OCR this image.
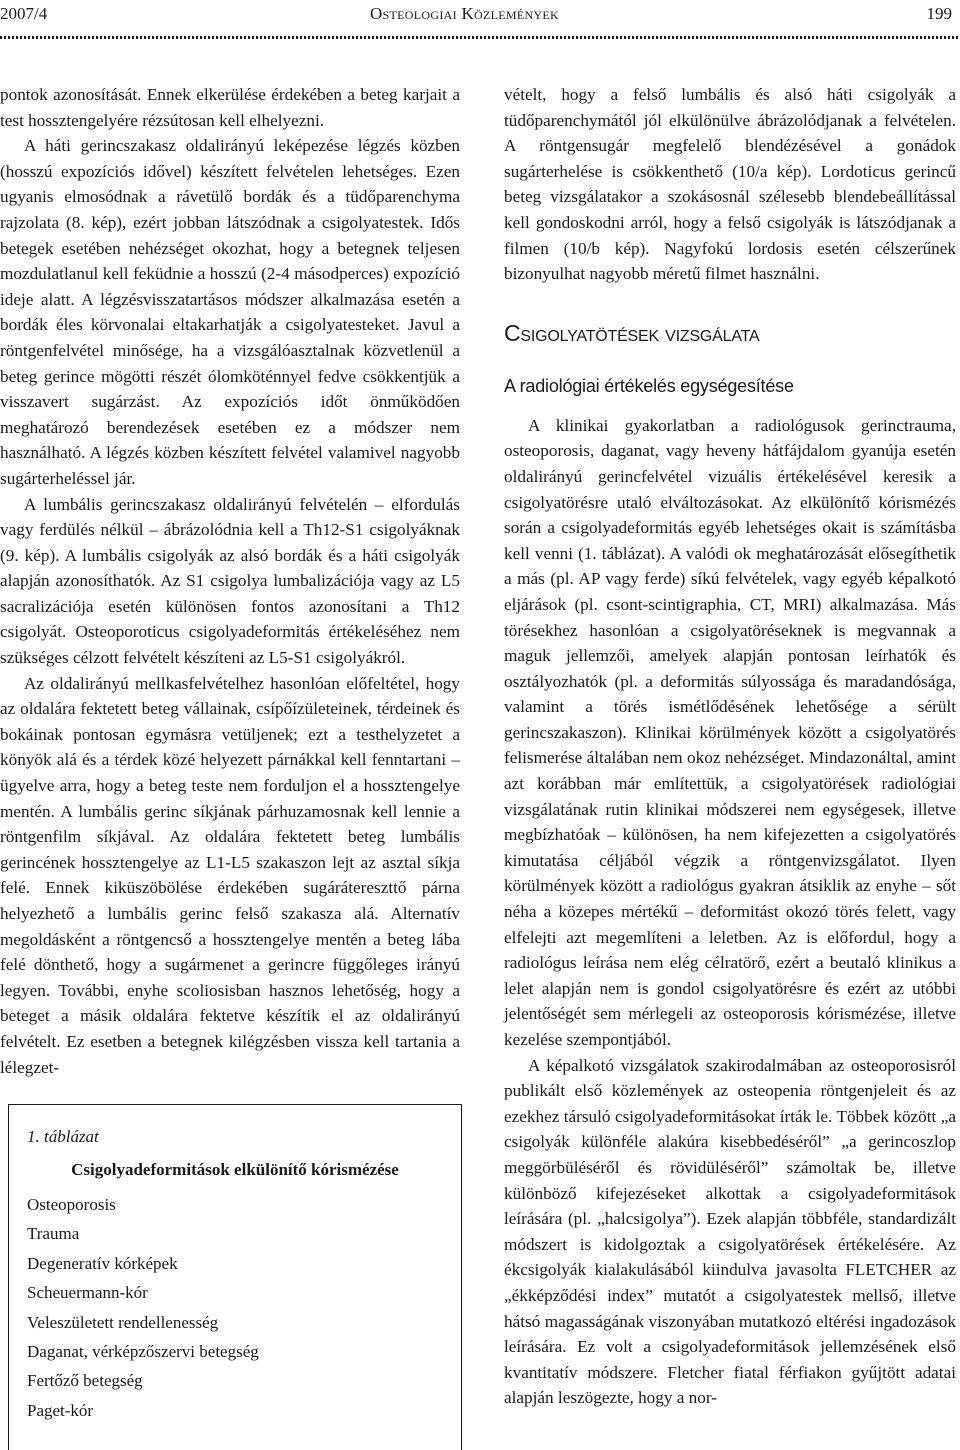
2007/4	Osteologiai Közlemények	199

pontok azonosítását. Ennek elkerülése érdekében a beteg karjait a test hossztengelyére rézsútosan kell elhelyezni.

A háti gerincszakasz oldalirányú leképezése légzés közben (hosszú expozíciós idővel) készített felvételen lehetséges. Ezen ugyanis elmosódnak a rávetülő bordák és a tüdőparenchyma rajzolata (8. kép), ezért jobban látszódnak a csigolyatestek. Idős betegek esetében nehézséget okozhat, hogy a betegnek teljesen mozdulatlanul kell feküdnie a hosszú (2-4 másodperces) expozíció ideje alatt. A légzésvisszatartásos módszer alkalmazása esetén a bordák éles körvonalai eltakarhatják a csigolyatesteket. Javul a röntgenfelvétel minősége, ha a vizsgálóasztalnak közvetlenül a beteg gerince mögötti részét ólomköténnyel fedve csökkentjük a visszavert sugárzást. Az expozíciós időt önműködően meghatározó berendezések esetében ez a módszer nem használható. A légzés közben készített felvétel valamivel nagyobb sugárterheléssel jár.

A lumbális gerincszakasz oldalirányú felvételén – elfordulás vagy ferdülés nélkül – ábrázolódnia kell a Th12-S1 csigolyáknak (9. kép). A lumbális csigolyák az alsó bordák és a háti csigolyák alapján azonosíthatók. Az S1 csigolya lumbalizációja vagy az L5 sacralizációja esetén különösen fontos azonosítani a Th12 csigolyát. Osteoporoticus csigolyadeformitás értékeléséhez nem szükséges célzott felvételt készíteni az L5-S1 csigolyákról.

Az oldalirányú mellkasfelvételhez hasonlóan előfeltétel, hogy az oldalára fektetett beteg vállainak, csípőízületeinek, térdeinek és bokáinak pontosan egymásra vetüljenek; ezt a testhelyzetet a könyök alá és a térdek közé helyezett párnákkal kell fenntartani – ügyelve arra, hogy a beteg teste nem forduljon el a hossztengelye mentén. A lumbális gerinc síkjának párhuzamosnak kell lennie a röntgenfilm síkjával. Az oldalára fektetett beteg lumbális gerincének hossztengelye az L1-L5 szakaszon lejt az asztal síkja felé. Ennek kiküszöbölése érdekében sugárátereszttő párna helyezhető a lumbális gerinc felső szakasza alá. Alternatív megoldásként a röntgencső a hossztengelye mentén a beteg lába felé dönthető, hogy a sugármenet a gerincre függőleges irányú legyen. További, enyhe scoliosisban hasznos lehetőség, hogy a beteget a másik oldalára fektetve készítik el az oldalirányú felvételt. Ez esetben a betegnek kilégzésben vissza kell tartania a lélegzet-

vételt, hogy a felső lumbális és alsó háti csigolyák a tüdőparenchymától jól elkülönülve ábrázolódjanak a felvételen. A röntgensugár megfelelő blendézésével a gonádok sugárterhelése is csökkenthető (10/a kép). Lordoticus gerincű beteg vizsgálatakor a szokásosnál szélesebb blendebeállítással kell gondoskodni arról, hogy a felső csigolyák is látszódjanak a filmen (10/b kép). Nagyfokú lordosis esetén célszerűnek bizonyulhat nagyobb méretű filmet használni.

Csigolyatötések vizsgálata
A radiológiai értékelés egységesítése

A klinikai gyakorlatban a radiológusok gerinctrauma, osteoporosis, daganat, vagy heveny hátfájdalom gyanúja esetén oldalirányú gerincfelvétel vizuális értékelésével keresik a csigolyatörésre utaló elváltozásokat. Az elkülönítő kórismézés során a csigolyadeformitás egyéb lehetséges okait is számításba kell venni (1. táblázat). A valódi ok meghatározását elősegíthetik a más (pl. AP vagy ferde) síkú felvételek, vagy egyéb képalkotó eljárások (pl. csont-scintigraphia, CT, MRI) alkalmazása. Más törésekhez hasonlóan a csigolyatöréseknek is megvannak a maguk jellemzői, amelyek alapján pontosan leírhatók és osztályozhatók (pl. a deformitás súlyossága és maradandósága, valamint a törés ismétlődésének lehetősége a sérült gerincszakaszon). Klinikai körülmények között a csigolyatörés felismerése általában nem okoz nehézséget. Mindazonáltal, amint azt korábban már említettük, a csigolyatörések radiológiai vizsgálatának rutin klinikai módszerei nem egységesek, illetve megbízhatóak – különösen, ha nem kifejezetten a csigolyatörés kimutatása céljából végzik a röntgenvizsgálatot. Ilyen körülmények között a radiológus gyakran átsiklik az enyhe – sőt néha a közepes mértékű – deformitást okozó törés felett, vagy elfelejti azt megemlíteni a leletben. Az is előfordul, hogy a radiológus leírása nem elég célratörő, ezért a beutaló klinikus a lelet alapján nem is gondol csigolyatörésre és ezért az utóbbi jelentőségét sem mérlegeli az osteoporosis kórismézése, illetve kezelése szempontjából.

A képalkotó vizsgálatok szakirodalmában az osteoporosisról publikált első közlemények az osteopenia röntgenjeleit és az ezekhez társuló csigolyadeformitásokat írták le. Többek között „a csigolyák különféle alakúra kisebbedéséről” „a gerincoszlop meggörbüléséről és rövidüléséről” számoltak be, illetve különböző kifejezéseket alkottak a csigolyadeformitások leírására (pl. „halcsigolya”). Ezek alapján többféle, standardizált módszert is kidolgoztak a csigolyatörések értékelésére. Az ékcsigolyák kialakulásából kiindulva javasolta FLETCHER az „ékképződési index” mutatót a csigolyatestek mellső, illetve hátsó magasságának viszonyában mutatkozó eltérési ingadozások leírására. Ez volt a csigolyadeformitások jellemzésének első kvantitatív módszere. Fletcher fiatal férfiakon gyűjtött adatai alapján leszögezte, hogy a nor-

1. táblázat
Csigolyadeformitások elkülönítő kórismézése
Osteoporosis
Trauma
Degeneratív kórképek
Scheuermann-kór
Veleszületett rendellenesség
Daganat, vérképzőszervi betegség
Fertőző betegség
Paget-kór
